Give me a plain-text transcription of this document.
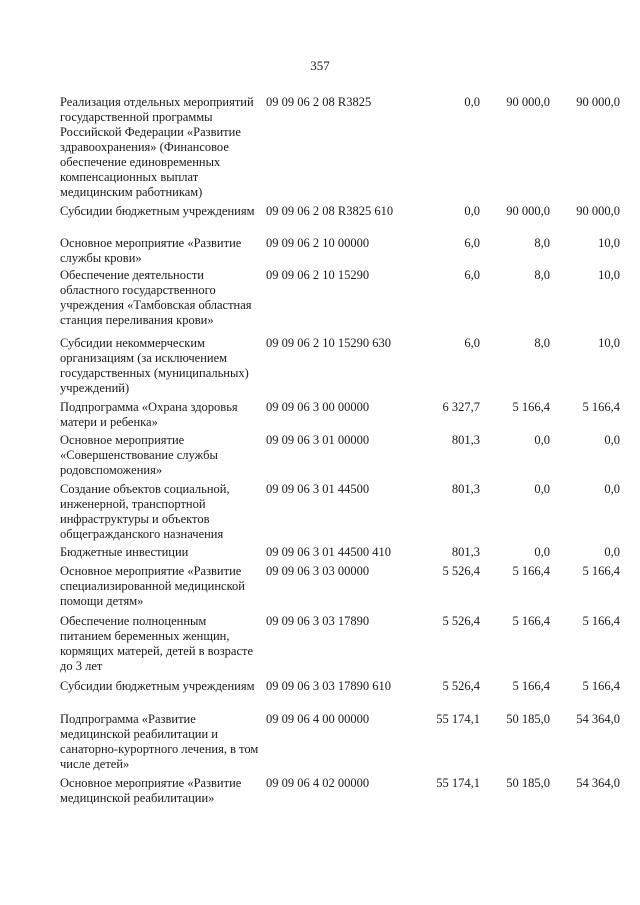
357
Реализация отдельных мероприятий государственной программы Российской Федерации «Развитие здравоохранения» (Финансовое обеспечение единовременных компенсационных выплат медицинским работникам)
09 09 06 2 08 R3825	0,0	90 000,0	90 000,0
Субсидии бюджетным учреждениям 09 09 06 2 08 R3825 610	0,0	90 000,0	90 000,0
Основное мероприятие «Развитие службы крови»
09 09 06 2 10 00000	6,0	8,0	10,0
Обеспечение деятельности областного государственного учреждения «Тамбовская областная станция переливания крови»
09 09 06 2 10 15290	6,0	8,0	10,0
Субсидии некоммерческим организациям (за исключением государственных (муниципальных) учреждений)
09 09 06 2 10 15290 630	6,0	8,0	10,0
Подпрограмма «Охрана здоровья матери и ребенка»
09 09 06 3 00 00000	6 327,7	5 166,4	5 166,4
Основное мероприятие «Совершенствование службы родовспоможения»
09 09 06 3 01 00000	801,3	0,0	0,0
Создание объектов социальной, инженерной, транспортной инфраструктуры и объектов общегражданского назначения
09 09 06 3 01 44500	801,3	0,0	0,0
Бюджетные инвестиции	09 09 06 3 01 44500 410	801,3	0,0	0,0
Основное мероприятие «Развитие специализированной медицинской помощи детям»
09 09 06 3 03 00000	5 526,4	5 166,4	5 166,4
Обеспечение полноценным питанием беременных женщин, кормящих матерей, детей в возрасте до 3 лет
09 09 06 3 03 17890	5 526,4	5 166,4	5 166,4
Субсидии бюджетным учреждениям 09 09 06 3 03 17890 610	5 526,4	5 166,4	5 166,4
Подпрограмма «Развитие медицинской реабилитации и санаторно-курортного лечения, в том числе детей»
09 09 06 4 00 00000	55 174,1	50 185,0	54 364,0
Основное мероприятие «Развитие медицинской реабилитации»
09 09 06 4 02 00000	55 174,1	50 185,0	54 364,0
